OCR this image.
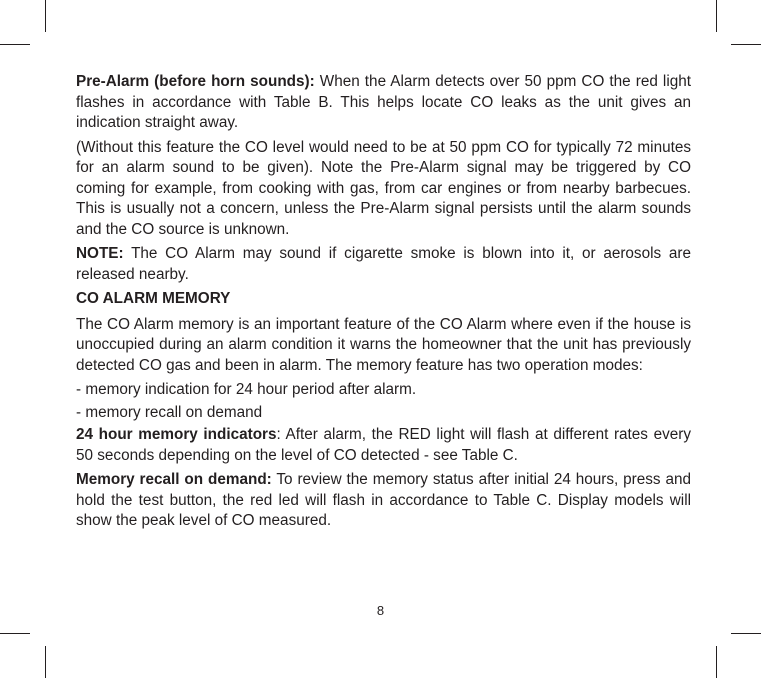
Pre-Alarm (before horn sounds): When the Alarm detects over 50 ppm CO the red light flashes in accordance with Table B. This helps locate CO leaks as the unit gives an indication straight away.

(Without this feature the CO level would need to be at 50 ppm CO for typically 72 minutes for an alarm sound to be given). Note the Pre-Alarm signal may be triggered by CO coming for example, from cooking with gas, from car engines or from nearby barbecues. This is usually not a concern, unless the Pre-Alarm signal persists until the alarm sounds and the CO source is unknown.

NOTE: The CO Alarm may sound if cigarette smoke is blown into it, or aerosols are released nearby.

CO ALARM MEMORY

The CO Alarm memory is an important feature of the CO Alarm where even if the house is unoccupied during an alarm condition it warns the homeowner that the unit has previously detected CO gas and been in alarm. The memory feature has two operation modes:

- memory indication for 24 hour period after alarm.

- memory recall on demand

24 hour memory indicators: After alarm, the RED light will flash at different rates every 50 seconds depending on the level of CO detected - see Table C.

Memory recall on demand: To review the memory status after initial 24 hours, press and hold the test button, the red led will flash in accordance to Table C. Display models will show the peak level of CO measured.

8
